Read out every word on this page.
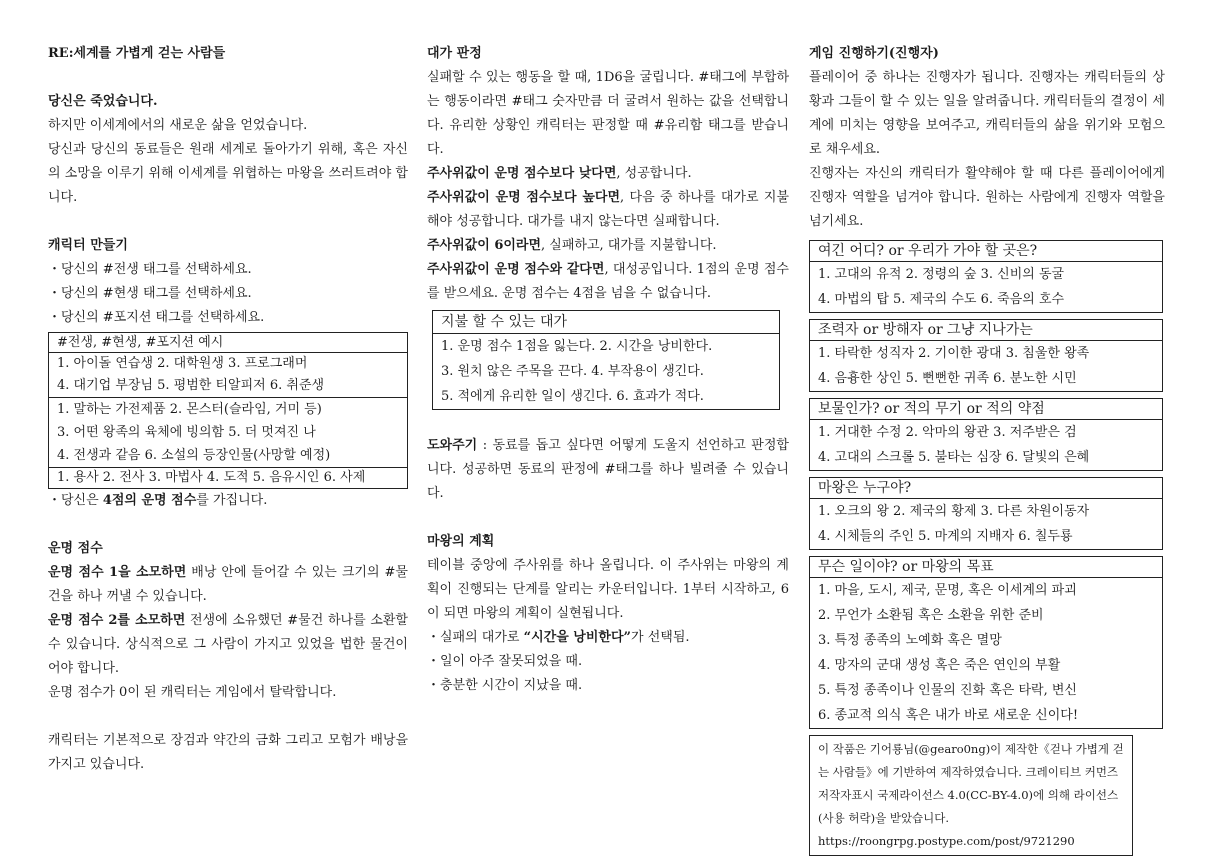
RE:세계를 가볍게 걷는 사람들

당신은 죽었습니다.

하지만 이세계에서의 새로운 삶을 얻었습니다.

당신과 당신의 동료들은 원래 세계로 돌아가기 위해, 혹은 자신의 소망을 이루기 위해 이세계를 위협하는 마왕을 쓰러트려야 합니다.

캐릭터 만들기

・당신의 #전생 태그를 선택하세요.

・당신의 #현생 태그를 선택하세요.

・당신의 #포지션 태그를 선택하세요.

#전생, #현생, #포지션 예시
1. 아이돌 연습생 2. 대학원생 3. 프로그래머
4. 대기업 부장님 5. 평범한 티알피저 6. 취준생
1. 말하는 가전제품 2. 몬스터(슬라임, 거미 등)
3. 어떤 왕족의 육체에 빙의함 5. 더 멋져진 나
4. 전생과 같음 6. 소설의 등장인물(사망할 예정)
1. 용사 2. 전사 3. 마법사 4. 도적 5. 음유시인 6. 사제

・당신은 4점의 운명 점수를 가집니다.

운명 점수

운명 점수 1을 소모하면 배낭 안에 들어갈 수 있는 크기의 #물건을 하나 꺼낼 수 있습니다.

운명 점수 2를 소모하면 전생에 소유했던 #물건 하나를 소환할 수 있습니다. 상식적으로 그 사람이 가지고 있었을 법한 물건이어야 합니다.

운명 점수가 0이 된 캐릭터는 게임에서 탈락합니다.

캐릭터는 기본적으로 장검과 약간의 금화 그리고 모험가 배낭을 가지고 있습니다.

대가 판정

실패할 수 있는 행동을 할 때, 1D6을 굴립니다. #태그에 부합하는 행동이라면 #태그 숫자만큼 더 굴려서 원하는 값을 선택합니다. 유리한 상황인 캐릭터는 판정할 때 #유리함 태그를 받습니다.

주사위값이 운명 점수보다 낮다면, 성공합니다.

주사위값이 운명 점수보다 높다면, 다음 중 하나를 대가로 지불해야 성공합니다. 대가를 내지 않는다면 실패합니다.

주사위값이 6이라면, 실패하고, 대가를 지불합니다.

주사위값이 운명 점수와 같다면, 대성공입니다. 1점의 운명 점수를 받으세요. 운명 점수는 4점을 넘을 수 없습니다.

지불 할 수 있는 대가
1. 운명 점수 1점을 잃는다. 2. 시간을 낭비한다.
3. 원치 않은 주목을 끈다. 4. 부작용이 생긴다.
5. 적에게 유리한 일이 생긴다. 6. 효과가 적다.

도와주기 : 동료를 돕고 싶다면 어떻게 도울지 선언하고 판정합니다. 성공하면 동료의 판정에 #태그를 하나 빌려줄 수 있습니다.

마왕의 계획

테이블 중앙에 주사위를 하나 올립니다. 이 주사위는 마왕의 계획이 진행되는 단계를 알리는 카운터입니다. 1부터 시작하고, 6이 되면 마왕의 계획이 실현됩니다.

・실패의 대가로 “시간을 낭비한다”가 선택됨.

・일이 아주 잘못되었을 때.

・충분한 시간이 지났을 때.

게임 진행하기(진행자)

플레이어 중 하나는 진행자가 됩니다. 진행자는 캐릭터들의 상황과 그들이 할 수 있는 일을 알려줍니다. 캐릭터들의 결정이 세계에 미치는 영향을 보여주고, 캐릭터들의 삶을 위기와 모험으로 채우세요.

진행자는 자신의 캐릭터가 활약해야 할 때 다른 플레이어에게 진행자 역할을 넘겨야 합니다. 원하는 사람에게 진행자 역할을 넘기세요.

여긴 어디? or 우리가 가야 할 곳은?
1. 고대의 유적 2. 정령의 숲 3. 신비의 동굴
4. 마법의 탑 5. 제국의 수도 6. 죽음의 호수
조력자 or 방해자 or 그냥 지나가는
1. 타락한 성직자 2. 기이한 광대 3. 침울한 왕족
4. 음흉한 상인 5. 뻔뻔한 귀족 6. 분노한 시민
보물인가? or 적의 무기 or 적의 약점
1. 거대한 수정 2. 악마의 왕관 3. 저주받은 검
4. 고대의 스크롤 5. 불타는 심장 6. 달빛의 은혜
마왕은 누구야?
1. 오크의 왕 2. 제국의 황제 3. 다른 차원이동자
4. 시체들의 주인 5. 마계의 지배자 6. 칠두룡
무슨 일이야? or 마왕의 목표
1. 마을, 도시, 제국, 문명, 혹은 이세계의 파괴
2. 무언가 소환됨 혹은 소환을 위한 준비
3. 특정 종족의 노예화 혹은 멸망
4. 망자의 군대 생성 혹은 죽은 연인의 부활
5. 특정 종족이나 인물의 진화 혹은 타락, 변신
6. 종교적 의식 혹은 내가 바로 새로운 신이다!
이 작품은 기어룡님(@gearo0ng)이 제작한《걷나 가볍게 걷는 사람들》에 기반하여 제작하였습니다. 크레이티브 커먼즈 저작자표시 국제라이선스 4.0(CC-BY-4.0)에 의해 라이선스 (사용 허락)을 받았습니다. https://roongrpg.postype.com/post/9721290
